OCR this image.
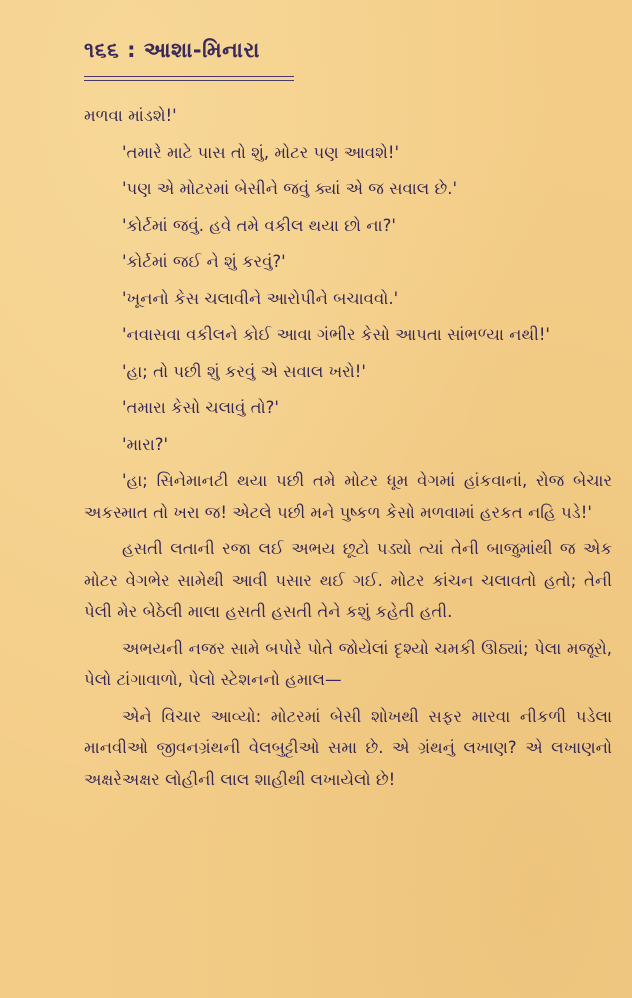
૧૬૬ : આશા-મિનારા

મળવા માંડશે!'

'તમારે માટે પાસ તો શું, મોટર પણ આવશે!'

'પણ એ મોટરમાં બેસીને જવું ક્યાં એ જ સવાલ છે.'

'કોર્ટમાં જવું. હવે તમે વકીલ થયા છો ના?'

'કોર્ટમાં જઈ ને શું કરવું?'

'ખૂનનો કેસ ચલાવીને આરોપીને બચાવવો.'

'નવાસવા વકીલને કોઈ આવા ગંભીર કેસો આપતા સાંભળ્યા નથી!'

'હા; તો પછી શું કરવું એ સવાલ ખરો!'

'તમારા કેસો ચલાવું તો?'

'મારા?'

'હા; સિનેમાનટી થયા પછી તમે મોટર ધૂમ વેગમાં હાંકવાનાં, રોજ બેચાર અકસ્માત તો ખરા જ! એટલે પછી મને પુષ્કળ કેસો મળવામાં હરકત નહિ પડે!'

હસતી લતાની રજા લઈ અભય છૂટો પડ્યો ત્યાં તેની બાજુમાંથી જ એક મોટર વેગભેર સામેથી આવી પસાર થઈ ગઈ. મોટર કાંચન ચલાવતો હતો; તેની પેલી મેર બેઠેલી માલા હસતી હસતી તેને કશું કહેતી હતી.

અભયની નજર સામે બપોરે પોતે જોયેલાં દૃશ્યો ચમકી ઊઠ્યાં; પેલા મજૂરો, પેલો ટાંગાવાળો, પેલો સ્ટેશનનો હમાલ—

એને વિચાર આવ્યો: મોટરમાં બેસી શોખથી સફર મારવા નીકળી પડેલા માનવીઓ જીવનગ્રંથની વેલબુટ્ટીઓ સમા છે. એ ગ્રંથનું લખાણ? એ લખાણનો અક્ષરેઅક્ષર લોહીની લાલ શાહીથી લખાયેલો છે!
